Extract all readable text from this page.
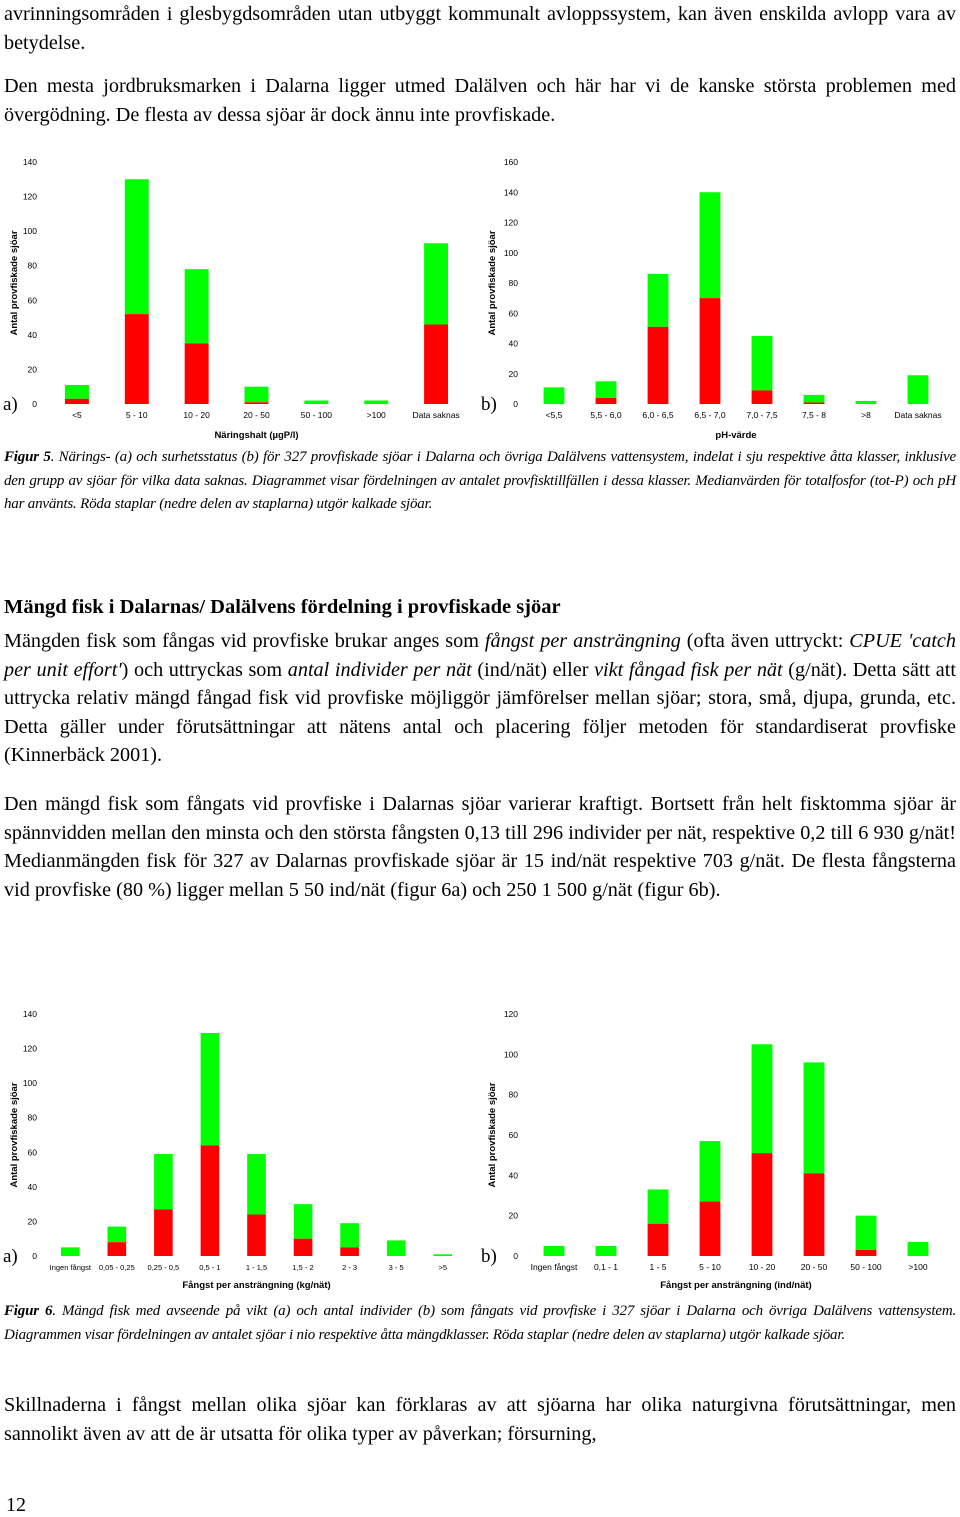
avrinningsområden i glesbygdsområden utan utbyggt kommunalt avloppssystem, kan även enskilda avlopp vara av betydelse.

Den mesta jordbruksmarken i Dalarna ligger utmed Dalälven och här har vi de kanske största problemen med övergödning. De flesta av dessa sjöar är dock ännu inte provfiskade.

0
20
40
60
80
100
120
140
Antal provfiskade sjöar
<5	5 - 10	10 - 20	20 - 50	50 - 100	>100	Data saknas
Näringshalt (µgP/l)
a)	0
20
40
60
80
100
120
140
160
Antal provfiskade sjöar
<5,5	5,5 - 6,0 6,0 - 6,5 6,5 - 7,0 7,0 - 7,5	7,5 - 8	>8	Data saknas
pH-värde
b)

Figur 5. Närings- (a) och surhetsstatus (b) för 327 provfiskade sjöar i Dalarna och övriga Dalälvens vattensystem, indelat i sju respektive åtta klasser, inklusive den grupp av sjöar för vilka data saknas. Diagrammet visar fördelningen av antalet provfisktillfällen i dessa klasser. Medianvärden för totalfosfor (tot-P) och pH har använts. Röda staplar (nedre delen av staplarna) utgör kalkade sjöar.

Mängd fisk i Dalarnas/ Dalälvens fördelning i provfiskade sjöar

Mängden fisk som fångas vid provfiske brukar anges som fångst per ansträngning (ofta även uttryckt: CPUE 'catch per unit effort') och uttryckas som antal individer per nät (ind/nät) eller vikt fångad fisk per nät (g/nät). Detta sätt att uttrycka relativ mängd fångad fisk vid provfiske möjliggör jämförelser mellan sjöar; stora, små, djupa, grunda, etc. Detta gäller under förutsättningar att nätens antal och placering följer metoden för standardiserat provfiske (Kinnerbäck 2001).

Den mängd fisk som fångats vid provfiske i Dalarnas sjöar varierar kraftigt. Bortsett från helt fisktomma sjöar är spännvidden mellan den minsta och den största fångsten 0,13 till 296 individer per nät, respektive 0,2 till 6 930 g/nät! Medianmängden fisk för 327 av Dalarnas provfiskade sjöar är 15 ind/nät respektive 703 g/nät. De flesta fångsterna vid provfiske (80 %) ligger mellan 5 50 ind/nät (figur 6a) och 250 1 500 g/nät (figur 6b).

0
20
40
60
80
100
120
140
Antal provfiskade sjöar
Ingen fångst 0,05 - 0,25 0,25 - 0,5	0,5 - 1	1 - 1,5	1,5 - 2	2 - 3	3 - 5	>5
Fångst per ansträngning (kg/nät)
a)	0
20
40
60
80
100
120
Antal provfiskade sjöar
Ingen fångst 0,1 - 1	1 - 5	5 - 10	10 - 20	20 - 50	50 - 100	>100
Fångst per ansträngning (ind/nät)
b)

Figur 6. Mängd fisk med avseende på vikt (a) och antal individer (b) som fångats vid provfiske i 327 sjöar i Dalarna och övriga Dalälvens vattensystem. Diagrammen visar fördelningen av antalet sjöar i nio respektive åtta mängdklasser. Röda staplar (nedre delen av staplarna) utgör kalkade sjöar.

Skillnaderna i fångst mellan olika sjöar kan förklaras av att sjöarna har olika naturgivna förutsättningar, men sannolikt även av att de är utsatta för olika typer av påverkan; försurning,

12
